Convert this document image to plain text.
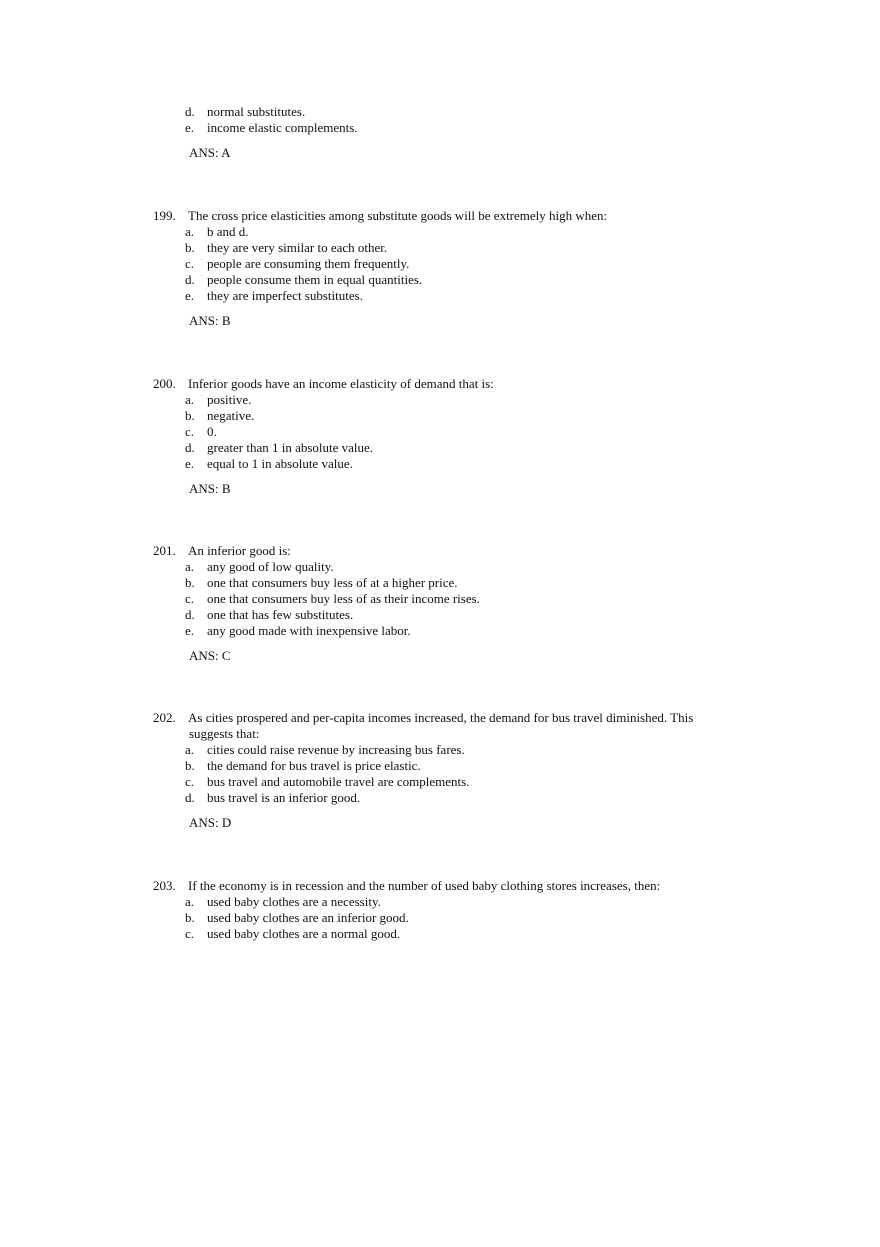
d. normal substitutes.
e. income elastic complements.
ANS: A
199. The cross price elasticities among substitute goods will be extremely high when:
a. b and d.
b. they are very similar to each other.
c. people are consuming them frequently.
d. people consume them in equal quantities.
e. they are imperfect substitutes.
ANS: B
200. Inferior goods have an income elasticity of demand that is:
a. positive.
b. negative.
c. 0.
d. greater than 1 in absolute value.
e. equal to 1 in absolute value.
ANS: B
201. An inferior good is:
a. any good of low quality.
b. one that consumers buy less of at a higher price.
c. one that consumers buy less of as their income rises.
d. one that has few substitutes.
e. any good made with inexpensive labor.
ANS: C
202. As cities prospered and per-capita incomes increased, the demand for bus travel diminished. This
suggests that:
a. cities could raise revenue by increasing bus fares.
b. the demand for bus travel is price elastic.
c. bus travel and automobile travel are complements.
d. bus travel is an inferior good.
ANS: D
203. If the economy is in recession and the number of used baby clothing stores increases, then:
a. used baby clothes are a necessity.
b. used baby clothes are an inferior good.
c. used baby clothes are a normal good.
